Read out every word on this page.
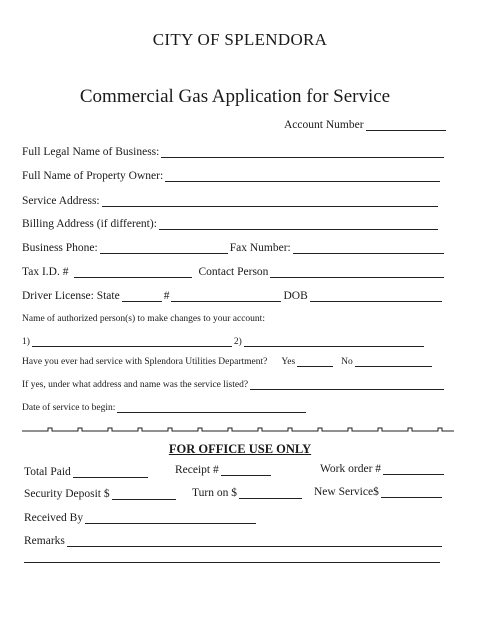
CITY OF SPLENDORA
Commercial Gas Application for Service
Account Number
Full Legal Name of Business:
Full Name of Property Owner:
Service Address:
Billing Address (if different):
Business Phone:	Fax Number:
Tax I.D. #	Contact Person
Driver License: State	#	DOB
Name of authorized person(s) to make changes to your account:
1)	2)
Have you ever had service with Splendora Utilities Department? Yes	No
If yes, under what address and name was the service listed?
Date of service to begin:
FOR OFFICE USE ONLY
Total Paid	Receipt #	Work order #
Security Deposit $	Turn on $	New Service$
Received By
Remarks
